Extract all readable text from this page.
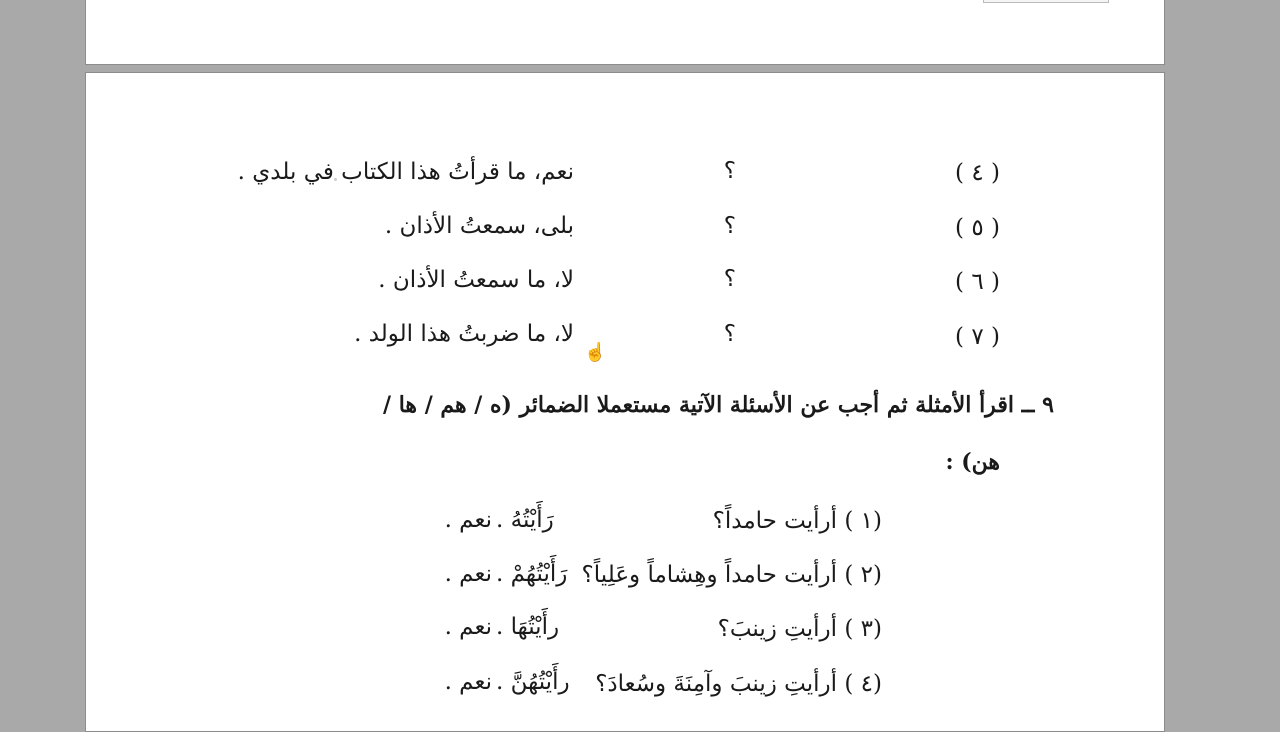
( ٤ )
؟
نعم، ما قرأتُ هذا الكتاب في بلدي .
( ٥ )
؟
بلى، سمعتُ الأذان .
( ٦ )
؟
لا، ما سمعتُ الأذان .
( ٧ )
؟
لا، ما ضربتُ هذا الولد .
☝
٩ ــ اقرأ الأمثلة ثم أجب عن الأسئلة الآتية مستعملا الضمائر (ه / هم / ها /
هن) :
(١ ) أرأيت حامداً؟
نعم . رَأَيْتُهُ .
(٢ ) أرأيت حامداً وهِشاماً وعَلِياً؟
نعم . رَأَيْتُهُمْ .
(٣ ) أرأيتِ زينبَ؟
نعم . رأَيْتُهَا .
(٤ ) أرأيتِ زينبَ وآمِنَةَ وسُعادَ؟
نعم . رأَيْتُهُنَّ .
